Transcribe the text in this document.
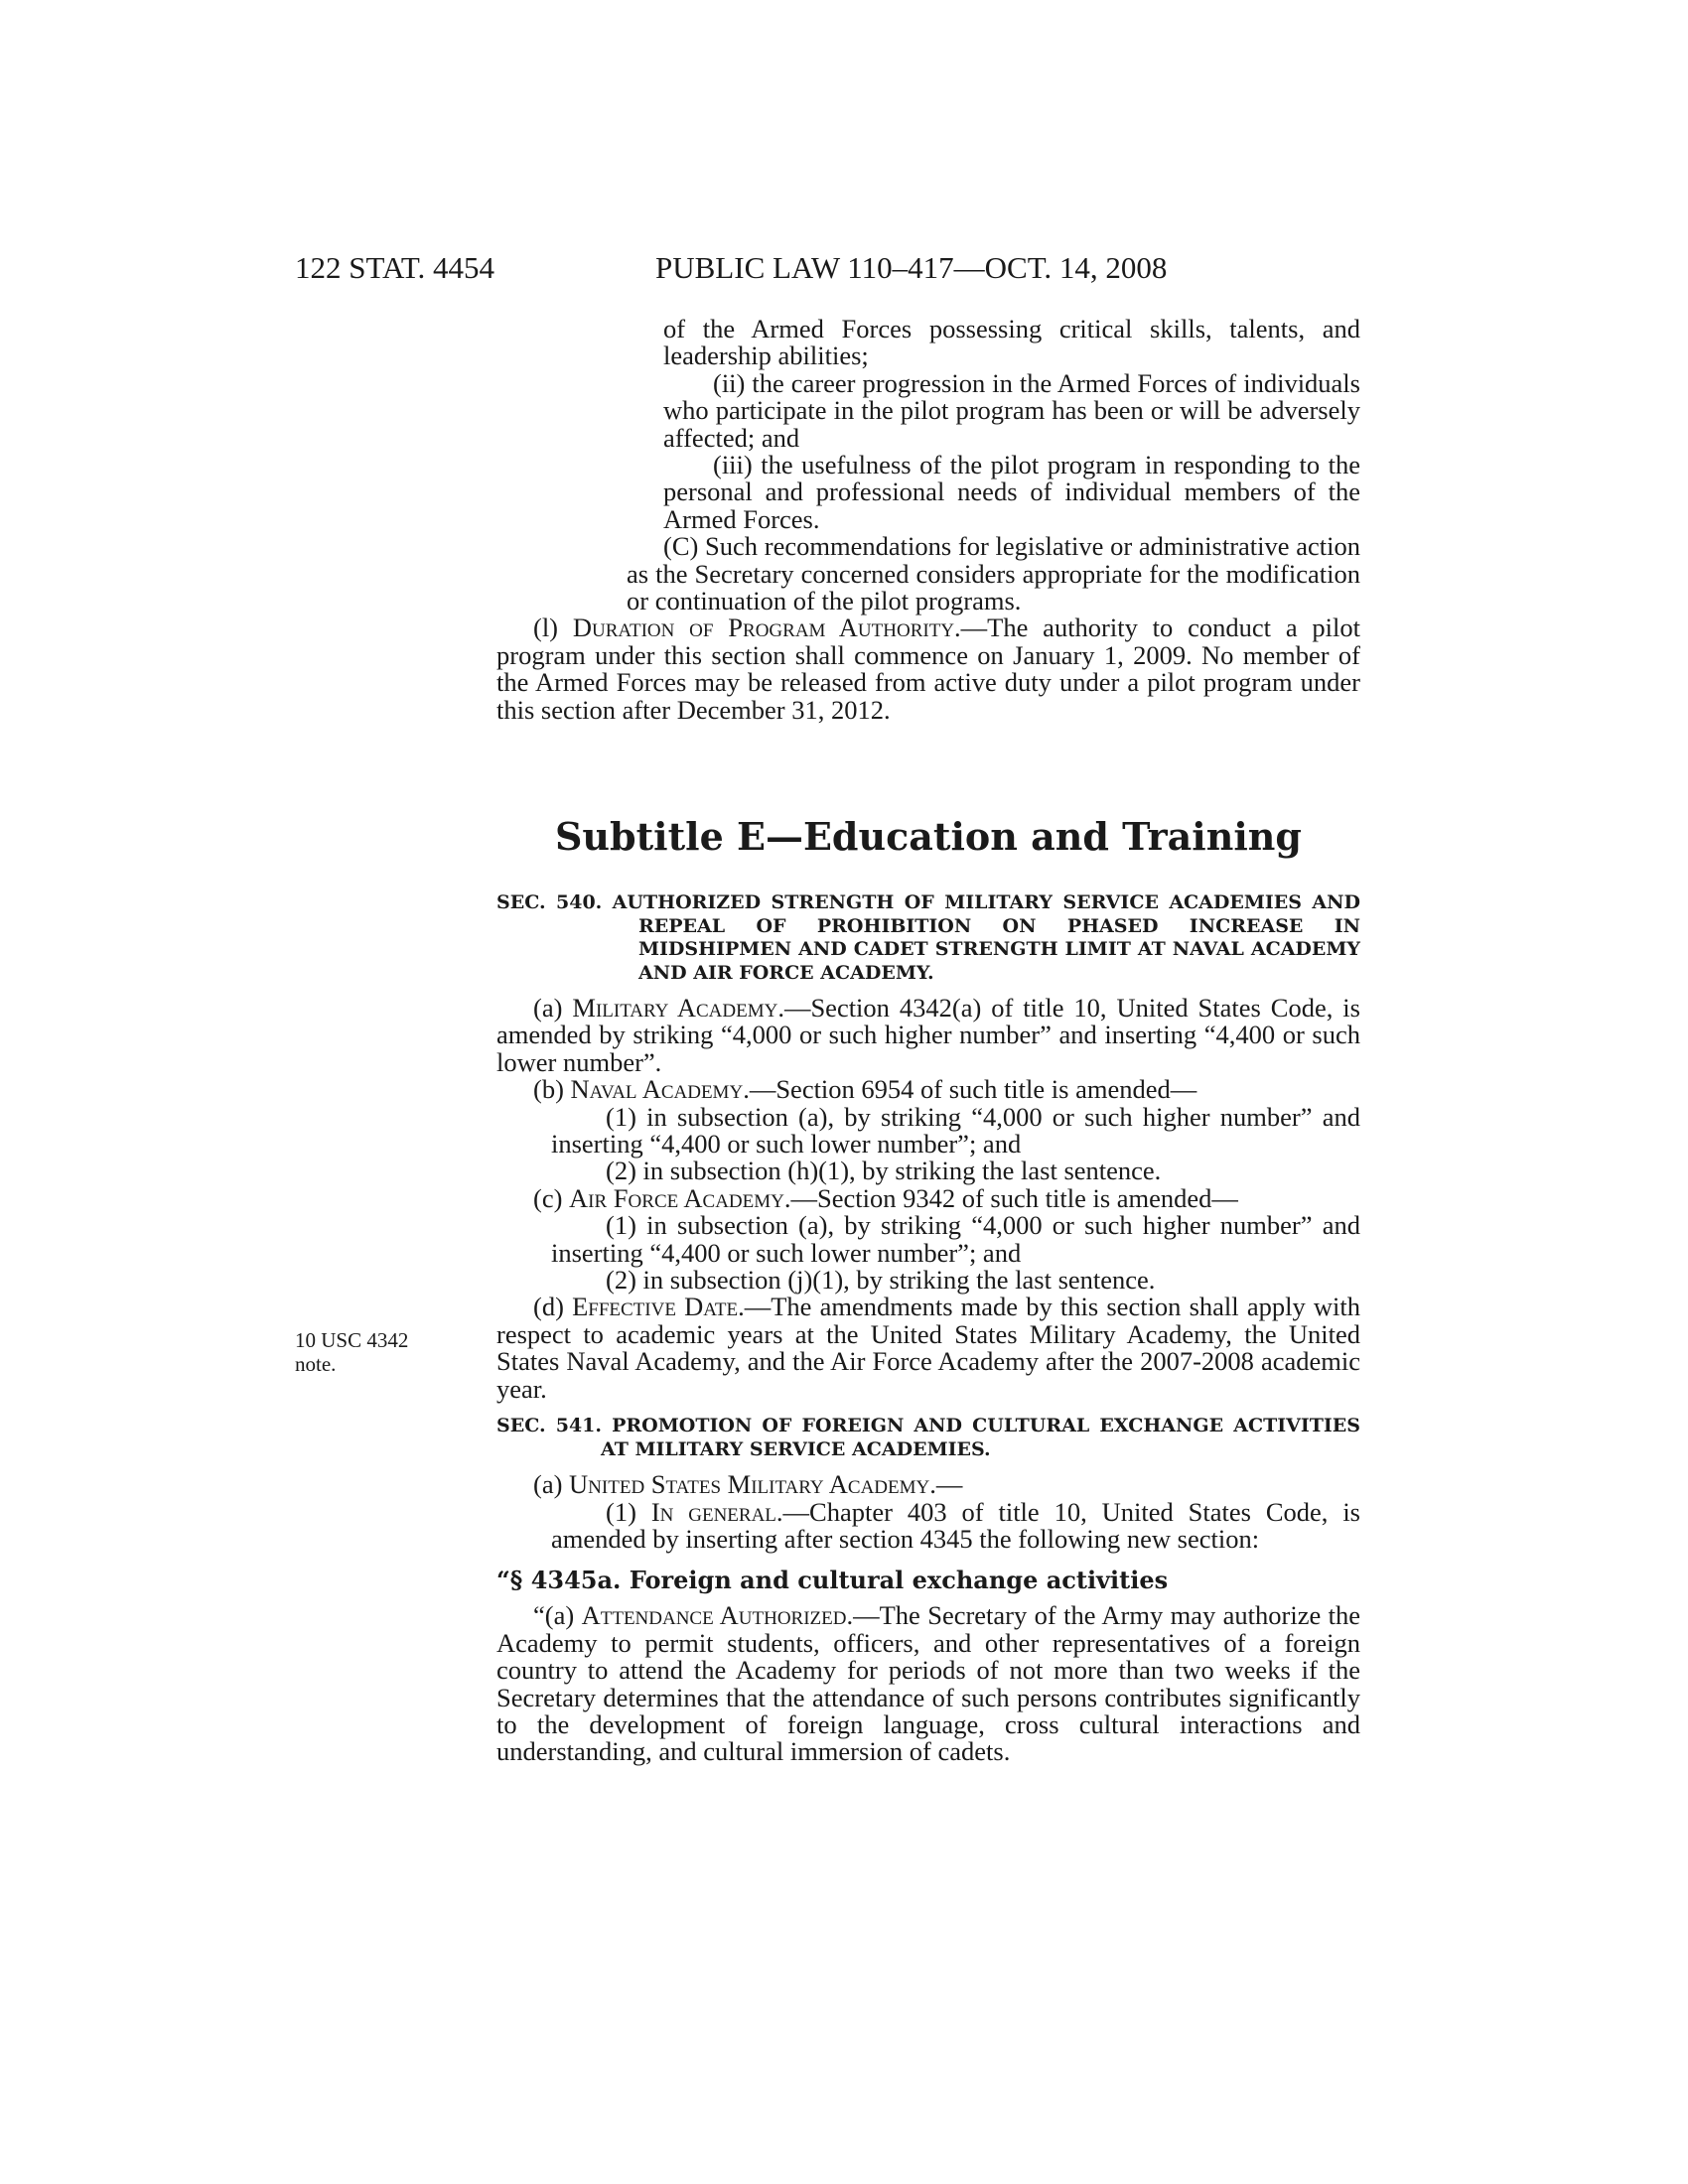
122 STAT. 4454	PUBLIC LAW 110–417—OCT. 14, 2008

of the Armed Forces possessing critical skills, talents, and leadership abilities;

(ii) the career progression in the Armed Forces of individuals who participate in the pilot program has been or will be adversely affected; and

(iii) the usefulness of the pilot program in responding to the personal and professional needs of individual members of the Armed Forces.

(C) Such recommendations for legislative or administrative action as the Secretary concerned considers appropriate for the modification or continuation of the pilot programs.

(l) Duration of Program Authority.—The authority to conduct a pilot program under this section shall commence on January 1, 2009. No member of the Armed Forces may be released from active duty under a pilot program under this section after December 31, 2012.

Subtitle E—Education and Training

SEC. 540. AUTHORIZED STRENGTH OF MILITARY SERVICE ACADEMIES AND REPEAL OF PROHIBITION ON PHASED INCREASE IN MIDSHIPMEN AND CADET STRENGTH LIMIT AT NAVAL ACADEMY AND AIR FORCE ACADEMY.

(a) Military Academy.—Section 4342(a) of title 10, United States Code, is amended by striking “4,000 or such higher number” and inserting “4,400 or such lower number”.

(b) Naval Academy.—Section 6954 of such title is amended—

(1) in subsection (a), by striking “4,000 or such higher number” and inserting “4,400 or such lower number”; and

(2) in subsection (h)(1), by striking the last sentence.

(c) Air Force Academy.—Section 9342 of such title is amended—

(1) in subsection (a), by striking “4,000 or such higher number” and inserting “4,400 or such lower number”; and

(2) in subsection (j)(1), by striking the last sentence.

(d) Effective Date.—The amendments made by this section shall apply with respect to academic years at the United States Military Academy, the United States Naval Academy, and the Air Force Academy after the 2007-2008 academic year.

SEC. 541. PROMOTION OF FOREIGN AND CULTURAL EXCHANGE ACTIVITIES AT MILITARY SERVICE ACADEMIES.

(a) United States Military Academy.—

(1) In general.—Chapter 403 of title 10, United States Code, is amended by inserting after section 4345 the following new section:

“§ 4345a. Foreign and cultural exchange activities

“(a) Attendance Authorized.—The Secretary of the Army may authorize the Academy to permit students, officers, and other representatives of a foreign country to attend the Academy for periods of not more than two weeks if the Secretary determines that the attendance of such persons contributes significantly to the development of foreign language, cross cultural interactions and understanding, and cultural immersion of cadets.

10 USC 4342
note.
